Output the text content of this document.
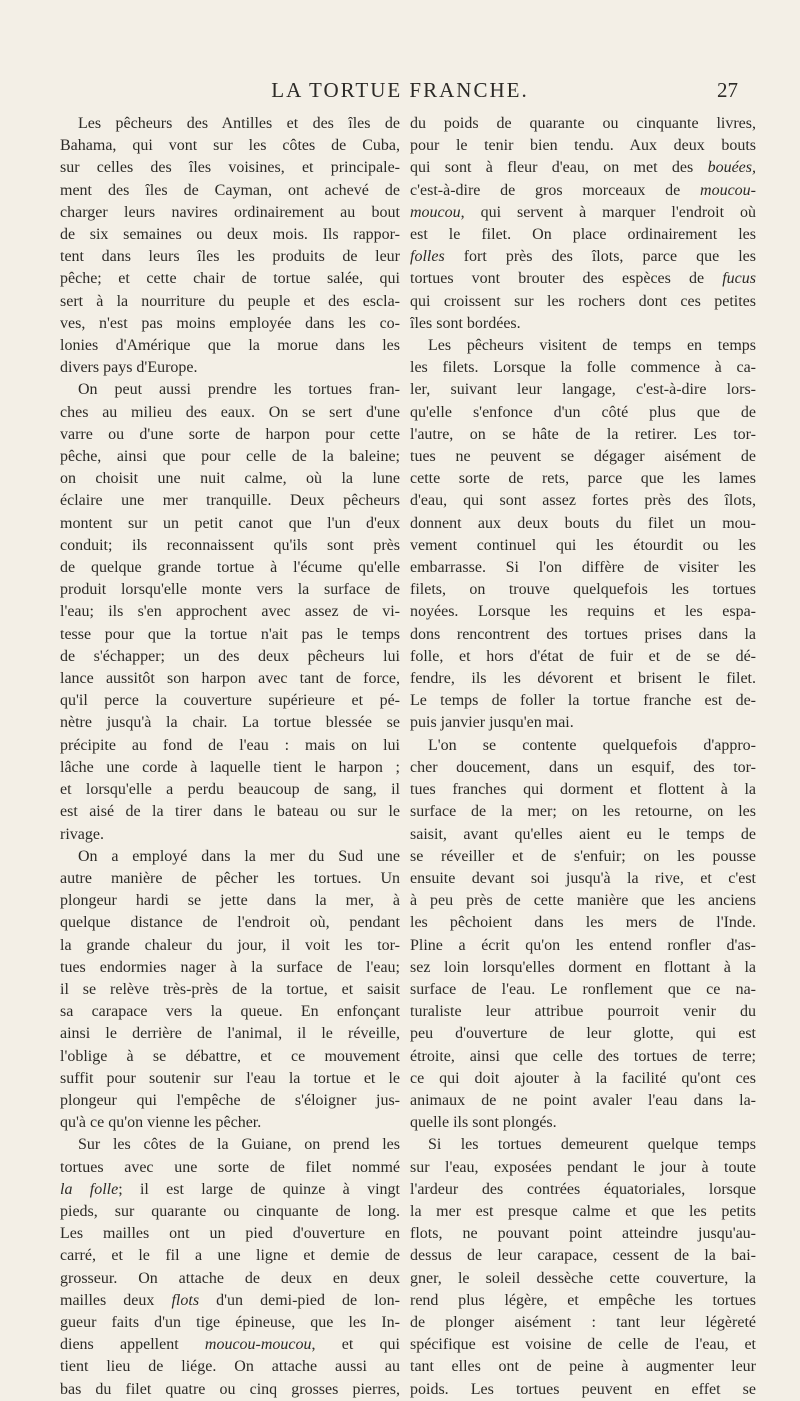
LA TORTUE FRANCHE.	27
Les pêcheurs des Antilles et des îles de
Bahama, qui vont sur les côtes de Cuba,
sur celles des îles voisines, et principale-
ment des îles de Cayman, ont achevé de
charger leurs navires ordinairement au bout
de six semaines ou deux mois. Ils rappor-
tent dans leurs îles les produits de leur
pêche; et cette chair de tortue salée, qui
sert à la nourriture du peuple et des escla-
ves, n'est pas moins employée dans les co-
lonies d'Amérique que la morue dans les
divers pays d'Europe.
On peut aussi prendre les tortues fran-
ches au milieu des eaux. On se sert d'une
varre ou d'une sorte de harpon pour cette
pêche, ainsi que pour celle de la baleine;
on choisit une nuit calme, où la lune
éclaire une mer tranquille. Deux pêcheurs
montent sur un petit canot que l'un d'eux
conduit; ils reconnaissent qu'ils sont près
de quelque grande tortue à l'écume qu'elle
produit lorsqu'elle monte vers la surface de
l'eau; ils s'en approchent avec assez de vi-
tesse pour que la tortue n'ait pas le temps
de s'échapper; un des deux pêcheurs lui
lance aussitôt son harpon avec tant de force,
qu'il perce la couverture supérieure et pé-
nètre jusqu'à la chair. La tortue blessée se
précipite au fond de l'eau : mais on lui
lâche une corde à laquelle tient le harpon ;
et lorsqu'elle a perdu beaucoup de sang, il
est aisé de la tirer dans le bateau ou sur le
rivage.
On a employé dans la mer du Sud une
autre manière de pêcher les tortues. Un
plongeur hardi se jette dans la mer, à
quelque distance de l'endroit où, pendant
la grande chaleur du jour, il voit les tor-
tues endormies nager à la surface de l'eau;
il se relève très-près de la tortue, et saisit
sa carapace vers la queue. En enfonçant
ainsi le derrière de l'animal, il le réveille,
l'oblige à se débattre, et ce mouvement
suffit pour soutenir sur l'eau la tortue et le
plongeur qui l'empêche de s'éloigner jus-
qu'à ce qu'on vienne les pêcher.
Sur les côtes de la Guiane, on prend les
tortues avec une sorte de filet nommé
la folle; il est large de quinze à vingt
pieds, sur quarante ou cinquante de long.
Les mailles ont un pied d'ouverture en
carré, et le fil a une ligne et demie de
grosseur. On attache de deux en deux
mailles deux flots d'un demi-pied de lon-
gueur faits d'un tige épineuse, que les In-
diens appellent moucou-moucou, et qui
tient lieu de liége. On attache aussi au
bas du filet quatre ou cinq grosses pierres,
du poids de quarante ou cinquante livres,
pour le tenir bien tendu. Aux deux bouts
qui sont à fleur d'eau, on met des bouées,
c'est-à-dire de gros morceaux de moucou-
moucou, qui servent à marquer l'endroit où
est le filet. On place ordinairement les
folles fort près des îlots, parce que les
tortues vont brouter des espèces de fucus
qui croissent sur les rochers dont ces petites
îles sont bordées.
Les pêcheurs visitent de temps en temps
les filets. Lorsque la folle commence à ca-
ler, suivant leur langage, c'est-à-dire lors-
qu'elle s'enfonce d'un côté plus que de
l'autre, on se hâte de la retirer. Les tor-
tues ne peuvent se dégager aisément de
cette sorte de rets, parce que les lames
d'eau, qui sont assez fortes près des îlots,
donnent aux deux bouts du filet un mou-
vement continuel qui les étourdit ou les
embarrasse. Si l'on diffère de visiter les
filets, on trouve quelquefois les tortues
noyées. Lorsque les requins et les espa-
dons rencontrent des tortues prises dans la
folle, et hors d'état de fuir et de se dé-
fendre, ils les dévorent et brisent le filet.
Le temps de foller la tortue franche est de-
puis janvier jusqu'en mai.
L'on se contente quelquefois d'appro-
cher doucement, dans un esquif, des tor-
tues franches qui dorment et flottent à la
surface de la mer; on les retourne, on les
saisit, avant qu'elles aient eu le temps de
se réveiller et de s'enfuir; on les pousse
ensuite devant soi jusqu'à la rive, et c'est
à peu près de cette manière que les anciens
les pêchoient dans les mers de l'Inde.
Pline a écrit qu'on les entend ronfler d'as-
sez loin lorsqu'elles dorment en flottant à la
surface de l'eau. Le ronflement que ce na-
turaliste leur attribue pourroit venir du
peu d'ouverture de leur glotte, qui est
étroite, ainsi que celle des tortues de terre;
ce qui doit ajouter à la facilité qu'ont ces
animaux de ne point avaler l'eau dans la-
quelle ils sont plongés.
Si les tortues demeurent quelque temps
sur l'eau, exposées pendant le jour à toute
l'ardeur des contrées équatoriales, lorsque
la mer est presque calme et que les petits
flots, ne pouvant point atteindre jusqu'au-
dessus de leur carapace, cessent de la bai-
gner, le soleil dessèche cette couverture, la
rend plus légère, et empêche les tortues
de plonger aisément : tant leur légèreté
spécifique est voisine de celle de l'eau, et
tant elles ont de peine à augmenter leur
poids. Les tortues peuvent en effet se
